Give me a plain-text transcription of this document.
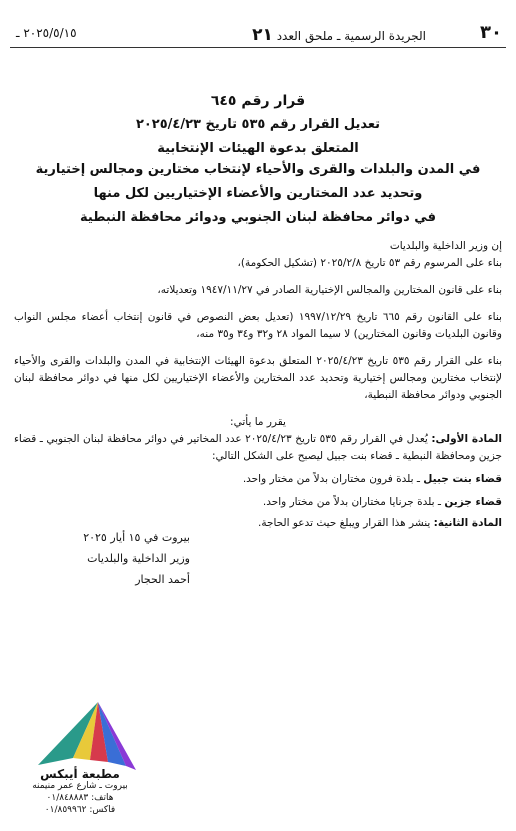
٣٠
الجريدة الرسمية ـ ملحق العدد ٢١
٢٠٢٥/٥/١٥ ـ
قرار رقم ٦٤٥
تعديل القرار رقم ٥٣٥ تاريخ ٢٠٢٥/٤/٢٣
المتعلق بدعوة الهيئات الإنتخابية
في المدن والبلدات والقرى والأحياء لإنتخاب مختارين ومجالس إختيارية
وتحديد عدد المختارين والأعضاء الإختياريين لكل منها
في دوائر محافظة لبنان الجنوبي ودوائر محافظة النبطية

إن وزير الداخلية والبلديات

بناء على المرسوم رقم ٥٣ تاريخ ٢٠٢٥/٢/٨ (تشكيل الحكومة)،

بناء على قانون المختارين والمجالس الإختيارية الصادر في ١٩٤٧/١١/٢٧ وتعديلاته،

بناء على القانون رقم ٦٦٥ تاريخ ١٩٩٧/١٢/٢٩ (تعديل بعض النصوص في قانون إنتخاب أعضاء مجلس النواب وقانون البلديات وقانون المختارين) لا سيما المواد ٢٨ و٣٢ و٣٤ و٣٥ منه،

بناء على القرار رقم ٥٣٥ تاريخ ٢٠٢٥/٤/٢٣ المتعلق بدعوة الهيئات الإنتخابية في المدن والبلدات والقرى والأحياء لإنتخاب مختارين ومجالس إختيارية وتحديد عدد المختارين والأعضاء الإختياريين لكل منها في دوائر محافظة لبنان الجنوبي ودوائر محافظة النبطية،

يقرر ما يأتي:

المادة الأولى: يُعدل في القرار رقم ٥٣٥ تاريخ ٢٠٢٥/٤/٢٣ عدد المخاتير في دوائر محافظة لبنان الجنوبي ـ قضاء جزين ومحافظة النبطية ـ قضاء بنت جبيل ليصبح على الشكل التالي:

قضاء بنت جبيل ـ بلدة فرون مختاران بدلاً من مختار واحد.

قضاء جزين ـ بلدة جرنايا مختاران بدلاً من مختار واحد.

المادة الثانية: ينشر هذا القرار ويبلغ حيث تدعو الحاجة.

بيروت في ١٥ أيار ٢٠٢٥
وزير الداخلية والبلديات
أحمد الحجار
مطبعة أيبكس
بيروت ـ شارع عمر منيمنه
هاتف: ٠١/٨٤٨٨٨٣
فاكس: ٠١/٨٥٩٩٦٢
